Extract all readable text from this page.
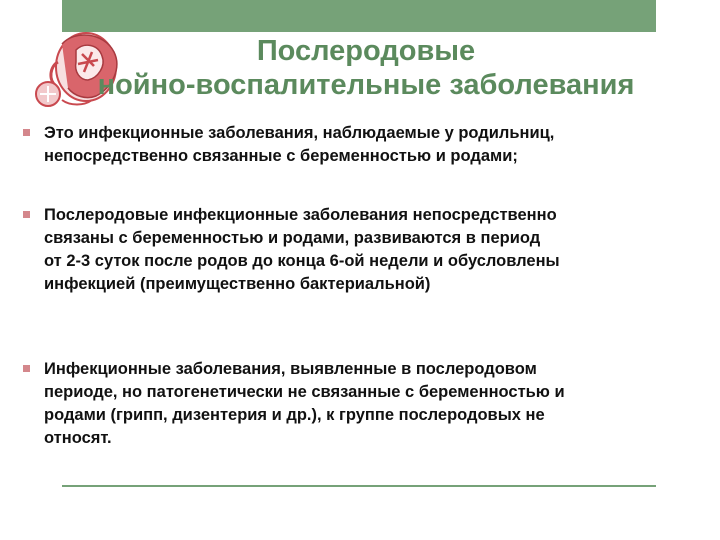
Послеродовые
нойно-воспалительные заболевания
Это инфекционные заболевания, наблюдаемые у родильниц,
непосредственно связанные с беременностью и родами;
Послеродовые инфекционные заболевания непосредственно
связаны с беременностью и родами, развиваются в период
от 2-3 суток после родов до конца 6-ой недели и обусловлены
инфекцией (преимущественно бактериальной)
Инфекционные заболевания, выявленные в послеродовом
периоде, но патогенетически не связанные с беременностью и
родами (грипп, дизентерия и др.), к группе послеродовых не
относят.
